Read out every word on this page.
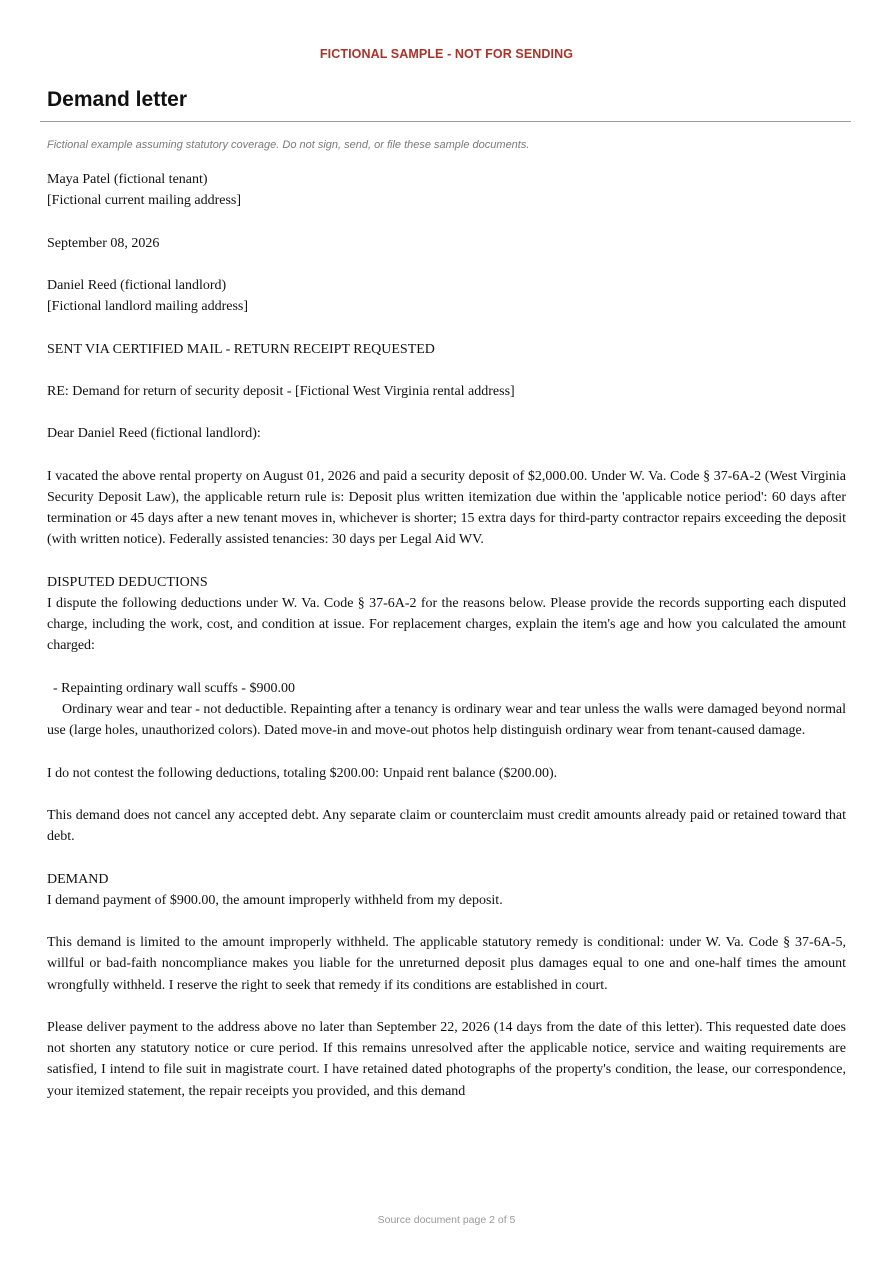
FICTIONAL SAMPLE - NOT FOR SENDING
Demand letter
Fictional example assuming statutory coverage. Do not sign, send, or file these sample documents.

Maya Patel (fictional tenant)
[Fictional current mailing address]

September 08, 2026

Daniel Reed (fictional landlord)
[Fictional landlord mailing address]

SENT VIA CERTIFIED MAIL - RETURN RECEIPT REQUESTED

RE: Demand for return of security deposit - [Fictional West Virginia rental address]

Dear Daniel Reed (fictional landlord):

I vacated the above rental property on August 01, 2026 and paid a security deposit of $2,000.00. Under W. Va. Code § 37-6A-2 (West Virginia Security Deposit Law), the applicable return rule is: Deposit plus written itemization due within the 'applicable notice period': 60 days after termination or 45 days after a new tenant moves in, whichever is shorter; 15 extra days for third-party contractor repairs exceeding the deposit (with written notice). Federally assisted tenancies: 30 days per Legal Aid WV.

DISPUTED DEDUCTIONS

I dispute the following deductions under W. Va. Code § 37-6A-2 for the reasons below. Please provide the records supporting each disputed charge, including the work, cost, and condition at issue. For replacement charges, explain the item's age and how you calculated the amount charged:

- Repainting ordinary wall scuffs - $900.00

Ordinary wear and tear - not deductible. Repainting after a tenancy is ordinary wear and tear unless the walls were damaged beyond normal use (large holes, unauthorized colors). Dated move-in and move-out photos help distinguish ordinary wear from tenant-caused damage.

I do not contest the following deductions, totaling $200.00: Unpaid rent balance ($200.00).

This demand does not cancel any accepted debt. Any separate claim or counterclaim must credit amounts already paid or retained toward that debt.

DEMAND

I demand payment of $900.00, the amount improperly withheld from my deposit.

This demand is limited to the amount improperly withheld. The applicable statutory remedy is conditional: under W. Va. Code § 37-6A-5, willful or bad-faith noncompliance makes you liable for the unreturned deposit plus damages equal to one and one-half times the amount wrongfully withheld. I reserve the right to seek that remedy if its conditions are established in court.

Please deliver payment to the address above no later than September 22, 2026 (14 days from the date of this letter). This requested date does not shorten any statutory notice or cure period. If this remains unresolved after the applicable notice, service and waiting requirements are satisfied, I intend to file suit in magistrate court. I have retained dated photographs of the property's condition, the lease, our correspondence, your itemized statement, the repair receipts you provided, and this demand

Source document page 2 of 5
